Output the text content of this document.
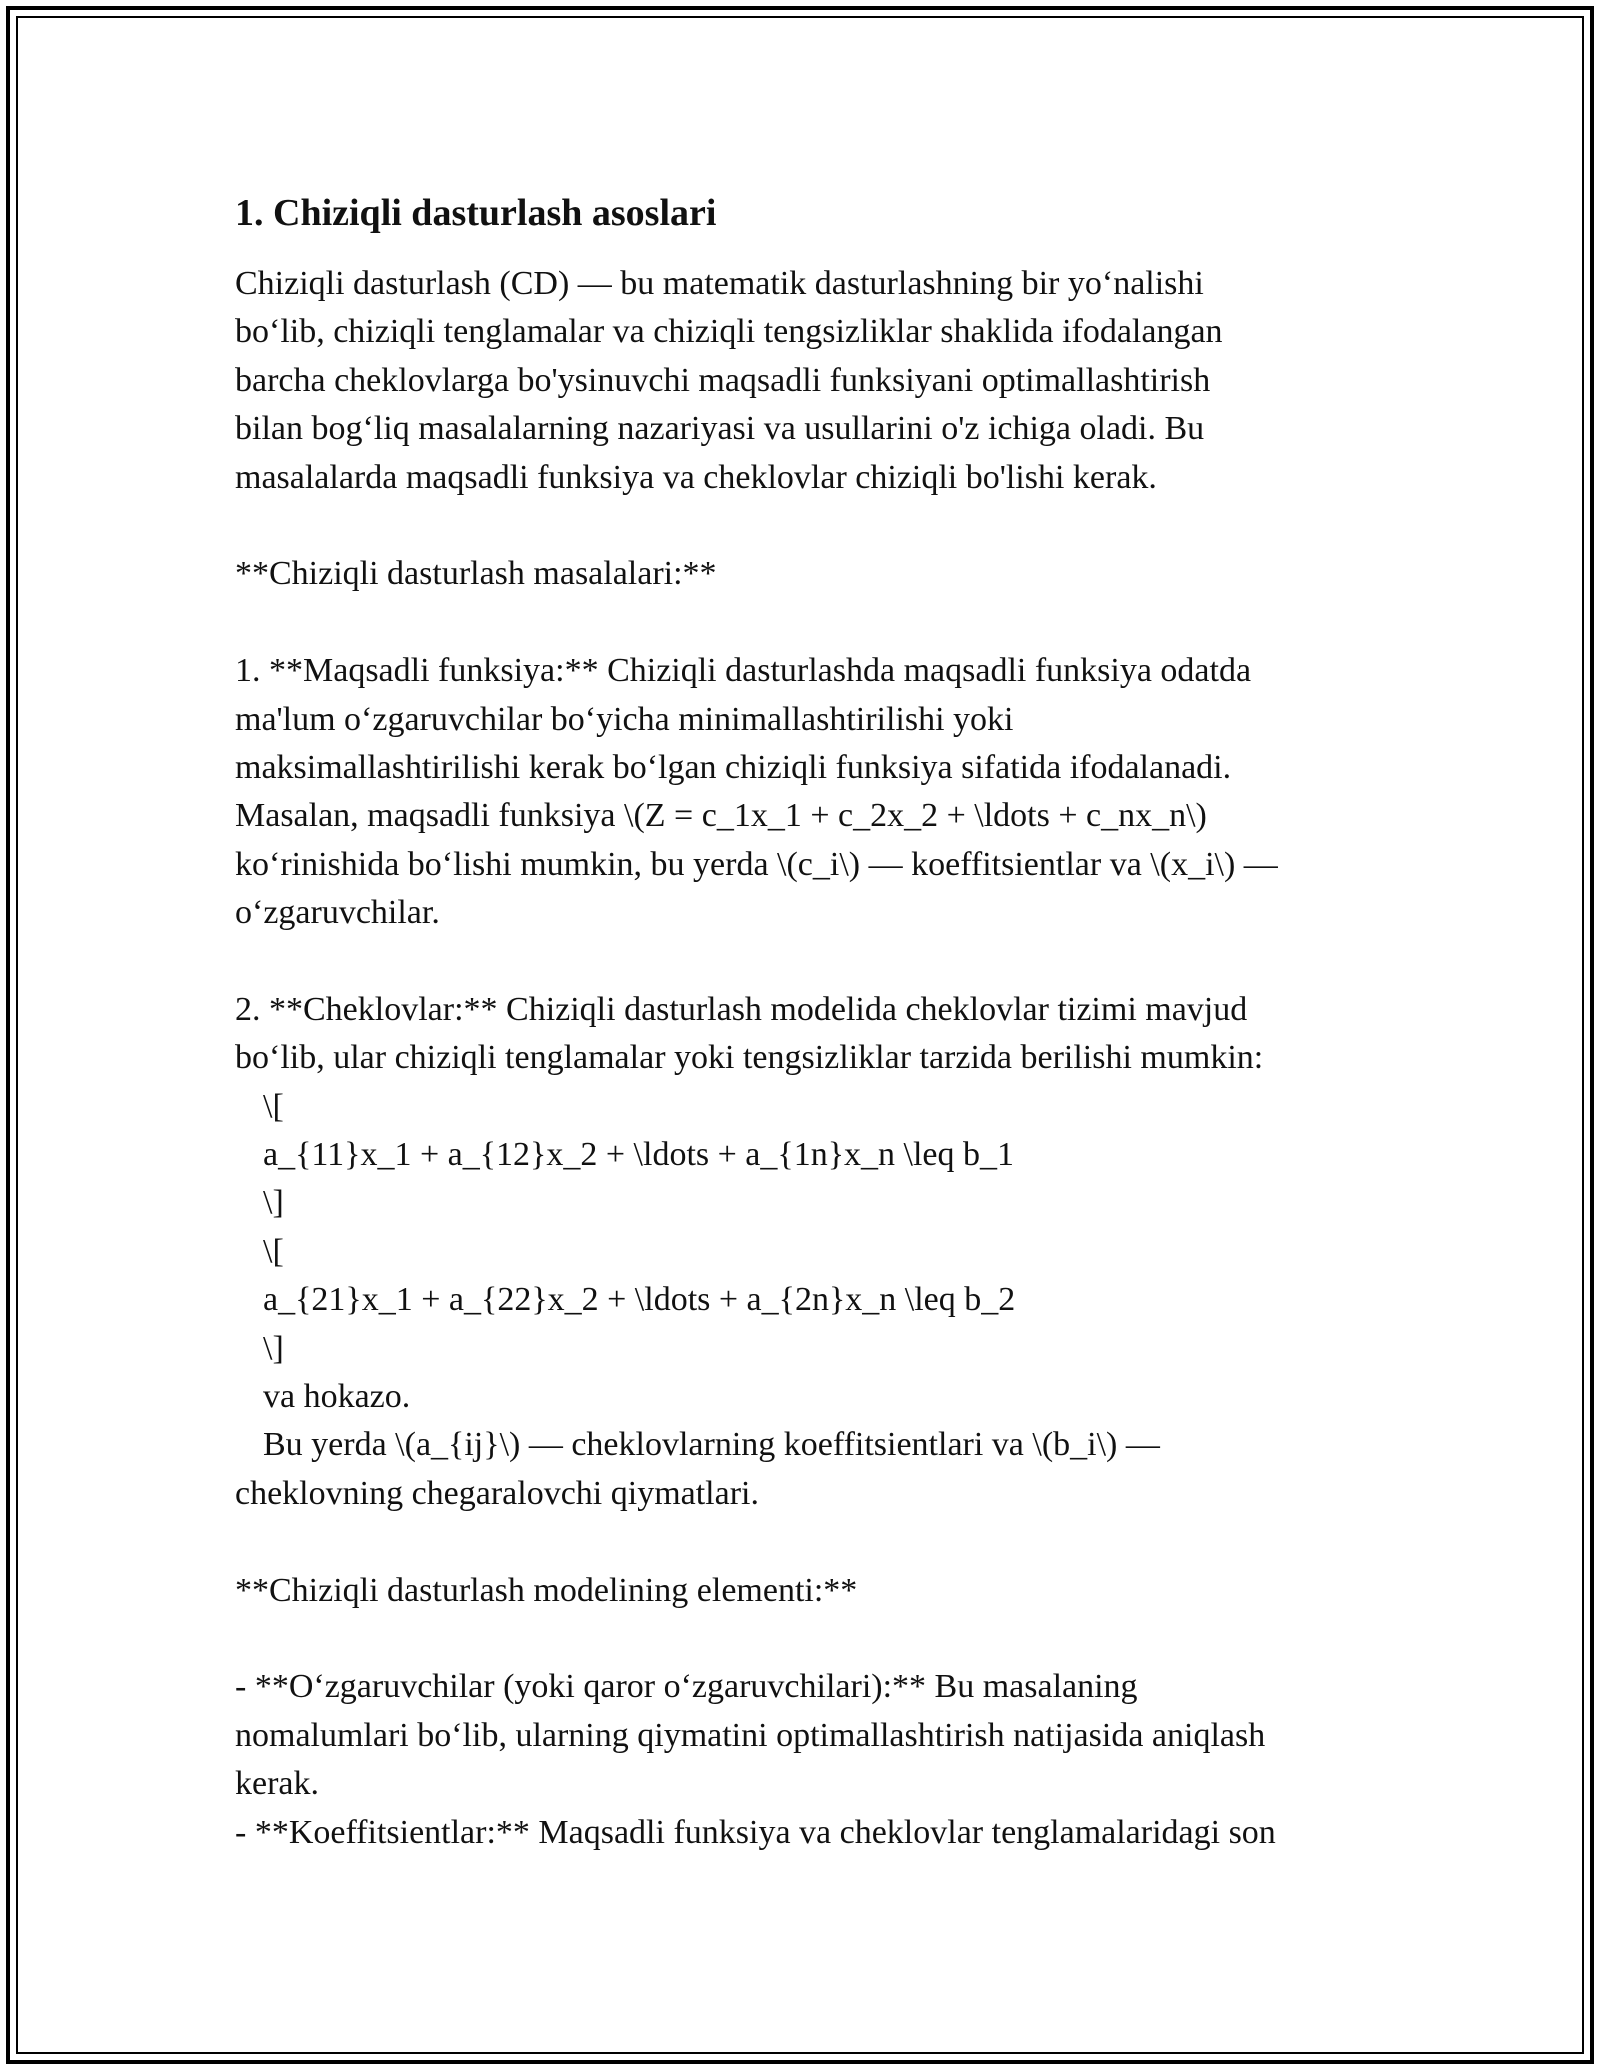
1. Chiziqli dasturlash asoslari
Chiziqli dasturlash (CD) — bu matematik dasturlashning bir yoʻnalishi
boʻlib, chiziqli tenglamalar va chiziqli tengsizliklar shaklida ifodalangan
barcha cheklovlarga bo'ysinuvchi maqsadli funksiyani optimallashtirish
bilan bogʻliq masalalarning nazariyasi va usullarini o'z ichiga oladi. Bu
masalalarda maqsadli funksiya va cheklovlar chiziqli bo'lishi kerak.
**Chiziqli dasturlash masalalari:**
1. **Maqsadli funksiya:** Chiziqli dasturlashda maqsadli funksiya odatda
ma'lum oʻzgaruvchilar boʻyicha minimallashtirilishi yoki
maksimallashtirilishi kerak boʻlgan chiziqli funksiya sifatida ifodalanadi.
Masalan, maqsadli funksiya \(Z = c_1x_1 + c_2x_2 + \ldots + c_nx_n\)
koʻrinishida boʻlishi mumkin, bu yerda \(c_i\) — koeffitsientlar va \(x_i\) —
oʻzgaruvchilar.
2. **Cheklovlar:** Chiziqli dasturlash modelida cheklovlar tizimi mavjud
boʻlib, ular chiziqli tenglamalar yoki tengsizliklar tarzida berilishi mumkin:
\[
a_{11}x_1 + a_{12}x_2 + \ldots + a_{1n}x_n \leq b_1
\]
\[
a_{21}x_1 + a_{22}x_2 + \ldots + a_{2n}x_n \leq b_2
\]
va hokazo.
Bu yerda \(a_{ij}\) — cheklovlarning koeffitsientlari va \(b_i\) —
cheklovning chegaralovchi qiymatlari.
**Chiziqli dasturlash modelining elementi:**
- **Oʻzgaruvchilar (yoki qaror oʻzgaruvchilari):** Bu masalaning
nomalumlari boʻlib, ularning qiymatini optimallashtirish natijasida aniqlash
kerak.
- **Koeffitsientlar:** Maqsadli funksiya va cheklovlar tenglamalaridagi son
